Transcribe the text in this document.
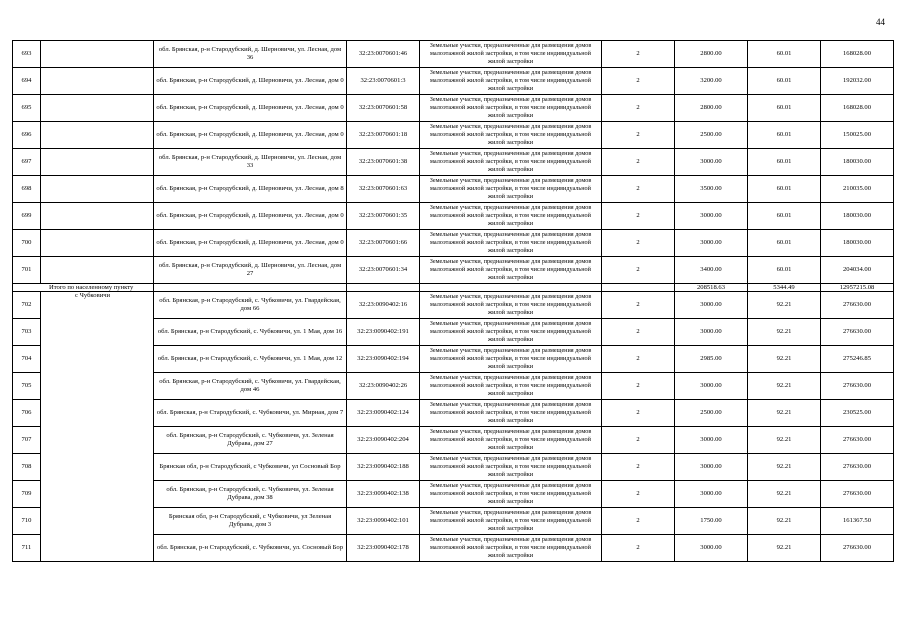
44
693		обл. Брянская, р-н Стародубский, д. Шерновичи, ул. Лесная, дом 36	32:23:0070601:46	Земельные участки, предназначенные для размещения домов малоэтажной жилой застройки, в том числе индивидуальной жилой застройки	2	2800.00	60.01	168028.00
694		обл. Брянская, р-н Стародубский, д. Шерновичи, ул. Лесная, дом 0	32:23:0070601:3	Земельные участки, предназначенные для размещения домов малоэтажной жилой застройки, в том числе индивидуальной жилой застройки	2	3200.00	60.01	192032.00
695		обл. Брянская, р-н Стародубский, д. Шерновичи, ул. Лесная, дом 0	32:23:0070601:58	Земельные участки, предназначенные для размещения домов малоэтажной жилой застройки, в том числе индивидуальной жилой застройки	2	2800.00	60.01	168028.00
696		обл. Брянская, р-н Стародубский, д. Шерновичи, ул. Лесная, дом 0	32:23:0070601:18	Земельные участки, предназначенные для размещения домов малоэтажной жилой застройки, в том числе индивидуальной жилой застройки	2	2500.00	60.01	150025.00
697		обл. Брянская, р-н Стародубский, д. Шерновичи, ул. Лесная, дом 33	32:23:0070601:38	Земельные участки, предназначенные для размещения домов малоэтажной жилой застройки, в том числе индивидуальной жилой застройки	2	3000.00	60.01	180030.00
698		обл. Брянская, р-н Стародубский, д. Шерновичи, ул. Лесная, дом 8	32:23:0070601:63	Земельные участки, предназначенные для размещения домов малоэтажной жилой застройки, в том числе индивидуальной жилой застройки	2	3500.00	60.01	210035.00
699		обл. Брянская, р-н Стародубский, д. Шерновичи, ул. Лесная, дом 0	32:23:0070601:35	Земельные участки, предназначенные для размещения домов малоэтажной жилой застройки, в том числе индивидуальной жилой застройки	2	3000.00	60.01	180030.00
700		обл. Брянская, р-н Стародубский, д. Шерновичи, ул. Лесная, дом 0	32:23:0070601:66	Земельные участки, предназначенные для размещения домов малоэтажной жилой застройки, в том числе индивидуальной жилой застройки	2	3000.00	60.01	180030.00
701		обл. Брянская, р-н Стародубский, д. Шерновичи, ул. Лесная, дом 27	32:23:0070601:34	Земельные участки, предназначенные для размещения домов малоэтажной жилой застройки, в том числе индивидуальной жилой застройки	2	3400.00	60.01	204034.00
Итого по населенному пункту						208518.63	5344.49	12957215.08
702	с Чубковичи	обл. Брянская, р-н Стародубский, с. Чубковичи, ул. Гвардейская, дом 66	32:23:0090402:16	Земельные участки, предназначенные для размещения домов малоэтажной жилой застройки, в том числе индивидуальной жилой застройки	2	3000.00	92.21	276630.00
703		обл. Брянская, р-н Стародубский, с. Чубковичи, ул. 1 Мая, дом 16	32:23:0090402:191	Земельные участки, предназначенные для размещения домов малоэтажной жилой застройки, в том числе индивидуальной жилой застройки	2	3000.00	92.21	276630.00
704		обл. Брянская, р-н Стародубский, с. Чубковичи, ул. 1 Мая, дом 12	32:23:0090402:194	Земельные участки, предназначенные для размещения домов малоэтажной жилой застройки, в том числе индивидуальной жилой застройки	2	2985.00	92.21	275246.85
705		обл. Брянская, р-н Стародубский, с. Чубковичи, ул. Гвардейская, дом 46	32:23:0090402:26	Земельные участки, предназначенные для размещения домов малоэтажной жилой застройки, в том числе индивидуальной жилой застройки	2	3000.00	92.21	276630.00
706		обл. Брянская, р-н Стародубский, с. Чубковичи, ул. Мирная, дом 7	32:23:0090402:124	Земельные участки, предназначенные для размещения домов малоэтажной жилой застройки, в том числе индивидуальной жилой застройки	2	2500.00	92.21	230525.00
707		обл. Брянская, р-н Стародубский, с. Чубковичи, ул. Зеленая Дубрава, дом 27	32:23:0090402:204	Земельные участки, предназначенные для размещения домов малоэтажной жилой застройки, в том числе индивидуальной жилой застройки	2	3000.00	92.21	276630.00
708		Брянская обл, р-н Стародубский, с Чубковичи, ул Сосновый Бор	32:23:0090402:188	Земельные участки, предназначенные для размещения домов малоэтажной жилой застройки, в том числе индивидуальной жилой застройки	2	3000.00	92.21	276630.00
709		обл. Брянская, р-н Стародубский, с. Чубковичи, ул. Зеленая Дубрава, дом 38	32:23:0090402:138	Земельные участки, предназначенные для размещения домов малоэтажной жилой застройки, в том числе индивидуальной жилой застройки	2	3000.00	92.21	276630.00
710		Брянская обл, р-н Стародубский, с Чубковичи, ул Зеленая Дубрава, дом 3	32:23:0090402:101	Земельные участки, предназначенные для размещения домов малоэтажной жилой застройки, в том числе индивидуальной жилой застройки	2	1750.00	92.21	161367.50
711		обл. Брянская, р-н Стародубский, с. Чубковичи, ул. Сосновый Бор	32:23:0090402:178	Земельные участки, предназначенные для размещения домов малоэтажной жилой застройки, в том числе индивидуальной жилой застройки	2	3000.00	92.21	276630.00
